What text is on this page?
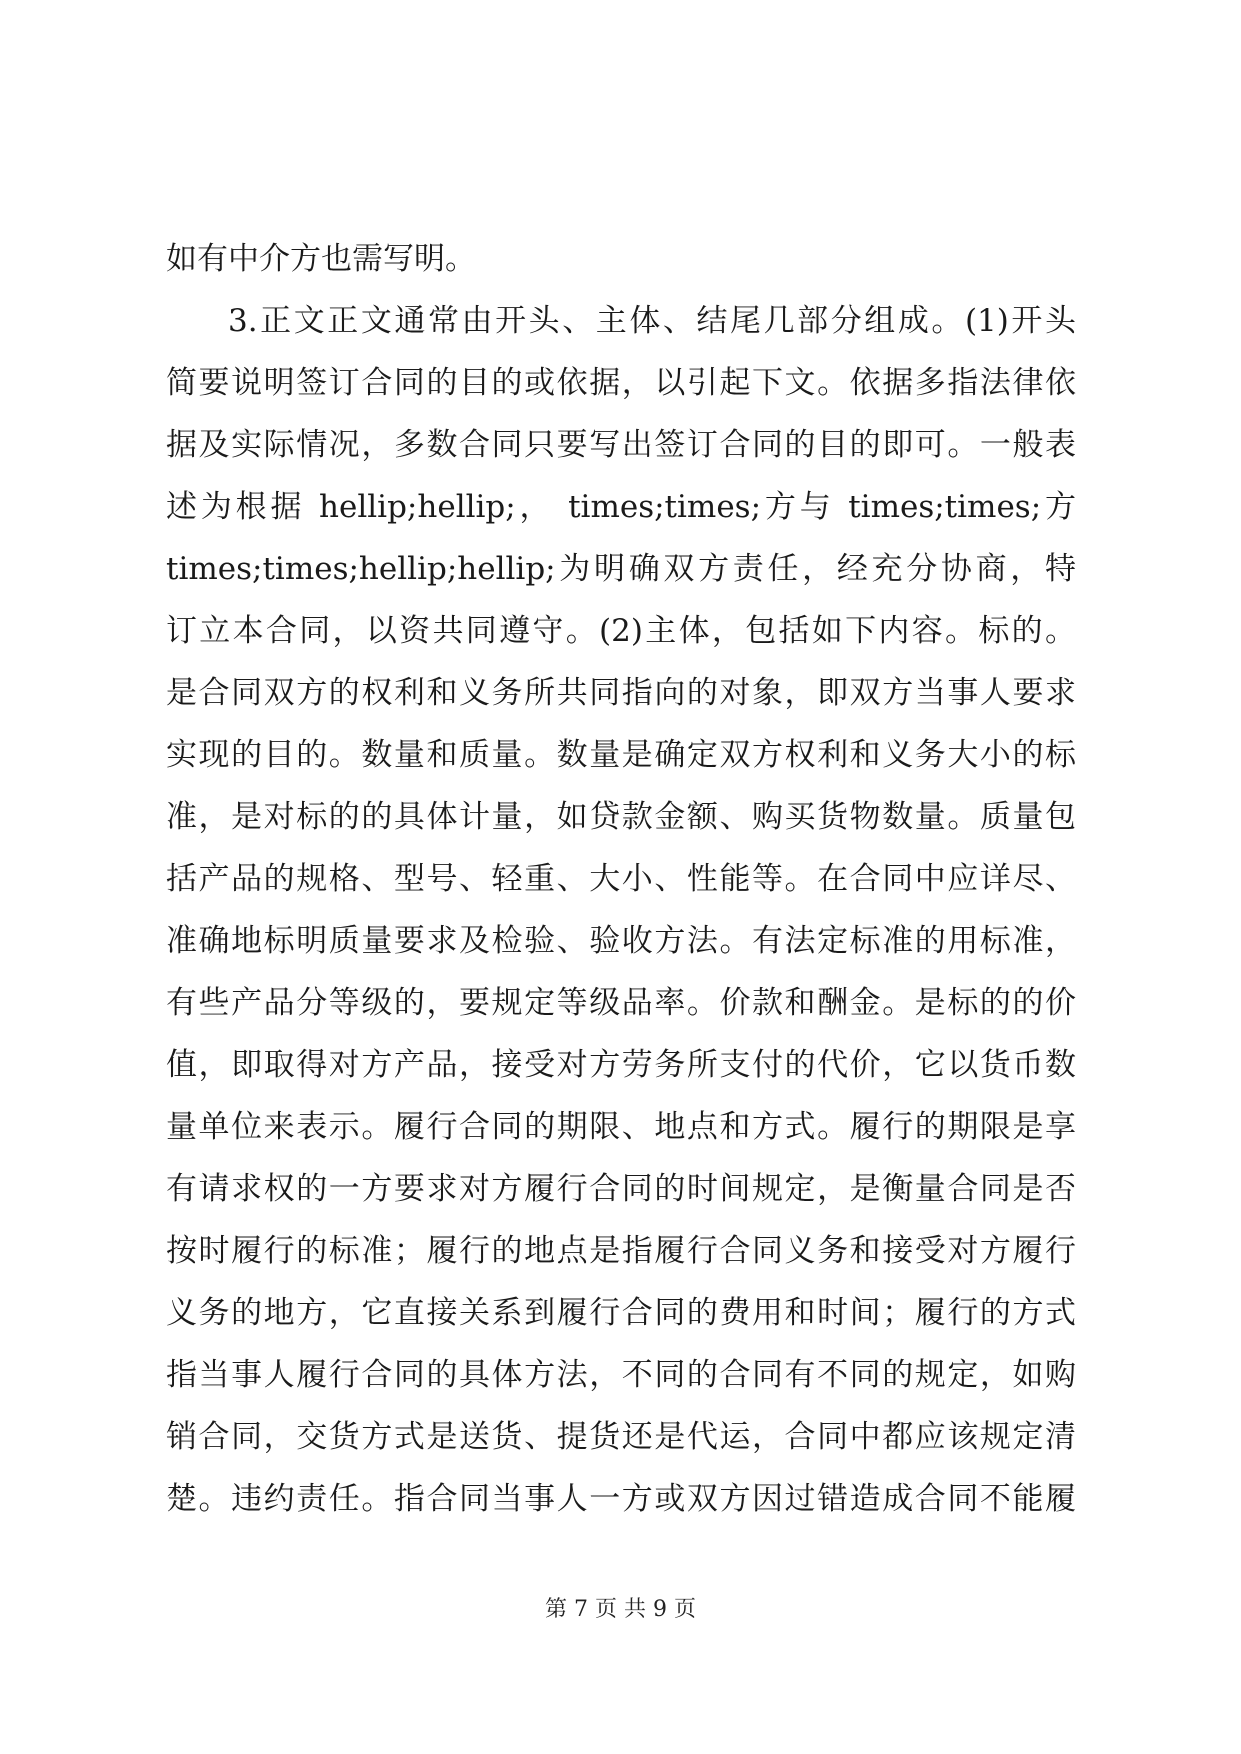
如有中介方也需写明。
3.正文正文通常由开头、主体、结尾几部分组成。(1)开头
简要说明签订合同的目的或依据，以引起下文。依据多指法律依
据及实际情况，多数合同只要写出签订合同的目的即可。一般表
述为根据 hellip;hellip;， times;times;方与 times;times;方
times;times;hellip;hellip;为明确双方责任，经充分协商，特
订立本合同，以资共同遵守。(2)主体，包括如下内容。标的。
是合同双方的权利和义务所共同指向的对象，即双方当事人要求
实现的目的。数量和质量。数量是确定双方权利和义务大小的标
准，是对标的的具体计量，如贷款金额、购买货物数量。质量包
括产品的规格、型号、轻重、大小、性能等。在合同中应详尽、
准确地标明质量要求及检验、验收方法。有法定标准的用标准，
有些产品分等级的，要规定等级品率。价款和酬金。是标的的价
值，即取得对方产品，接受对方劳务所支付的代价，它以货币数
量单位来表示。履行合同的期限、地点和方式。履行的期限是享
有请求权的一方要求对方履行合同的时间规定，是衡量合同是否
按时履行的标准；履行的地点是指履行合同义务和接受对方履行
义务的地方，它直接关系到履行合同的费用和时间；履行的方式
指当事人履行合同的具体方法，不同的合同有不同的规定，如购
销合同，交货方式是送货、提货还是代运，合同中都应该规定清
楚。违约责任。指合同当事人一方或双方因过错造成合同不能履
第 7 页 共 9 页
